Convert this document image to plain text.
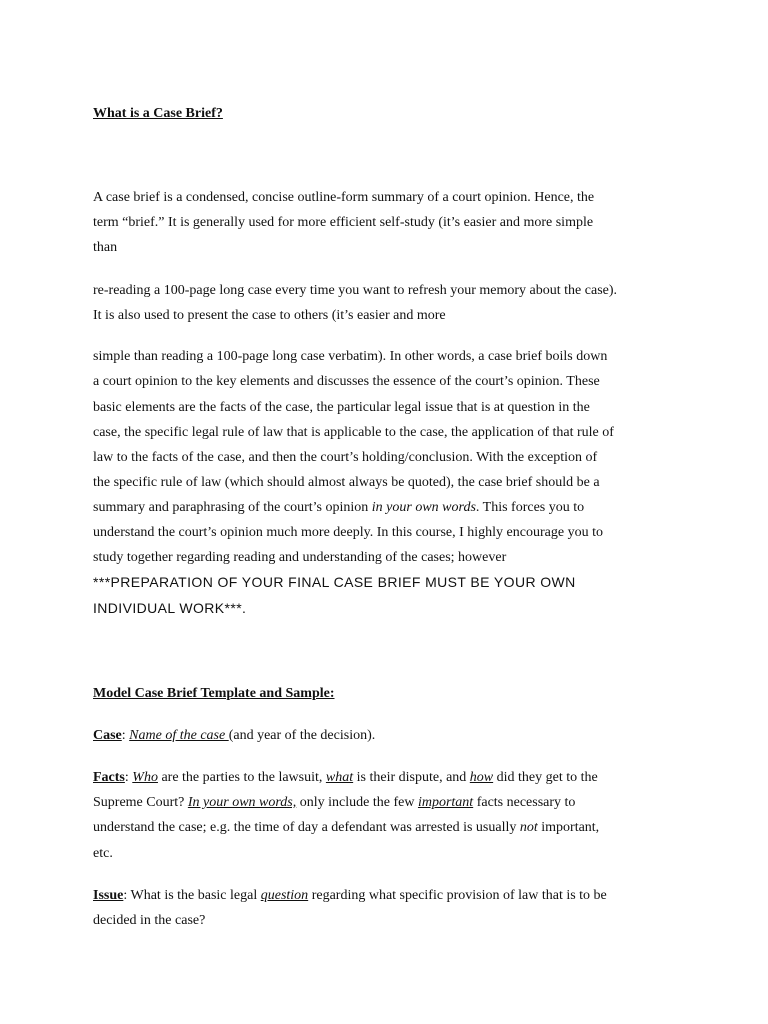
What is a Case Brief?

A case brief is a condensed, concise outline-form summary of a court opinion. Hence, the

term “brief.” It is generally used for more efficient self-study (it’s easier and more simple

than

re-reading a 100-page long case every time you want to refresh your memory about the case).

It is also used to present the case to others (it’s easier and more

simple than reading a 100-page long case verbatim). In other words, a case brief boils down

a court opinion to the key elements and discusses the essence of the court’s opinion. These

basic elements are the facts of the case, the particular legal issue that is at question in the

case, the specific legal rule of law that is applicable to the case, the application of that rule of

law to the facts of the case, and then the court’s holding/conclusion. With the exception of

the specific rule of law (which should almost always be quoted), the case brief should be a

summary and paraphrasing of the court’s opinion in your own words. This forces you to

understand the court’s opinion much more deeply. In this course, I highly encourage you to

study together regarding reading and understanding of the cases; however

***PREPARATION OF YOUR FINAL CASE BRIEF MUST BE YOUR OWN

INDIVIDUAL WORK***.

Model Case Brief Template and Sample:

Case: Name of the case (and year of the decision).

Facts: Who are the parties to the lawsuit, what is their dispute, and how did they get to the

Supreme Court? In your own words, only include the few important facts necessary to

understand the case; e.g. the time of day a defendant was arrested is usually not important,

etc.

Issue: What is the basic legal question regarding what specific provision of law that is to be

decided in the case?
